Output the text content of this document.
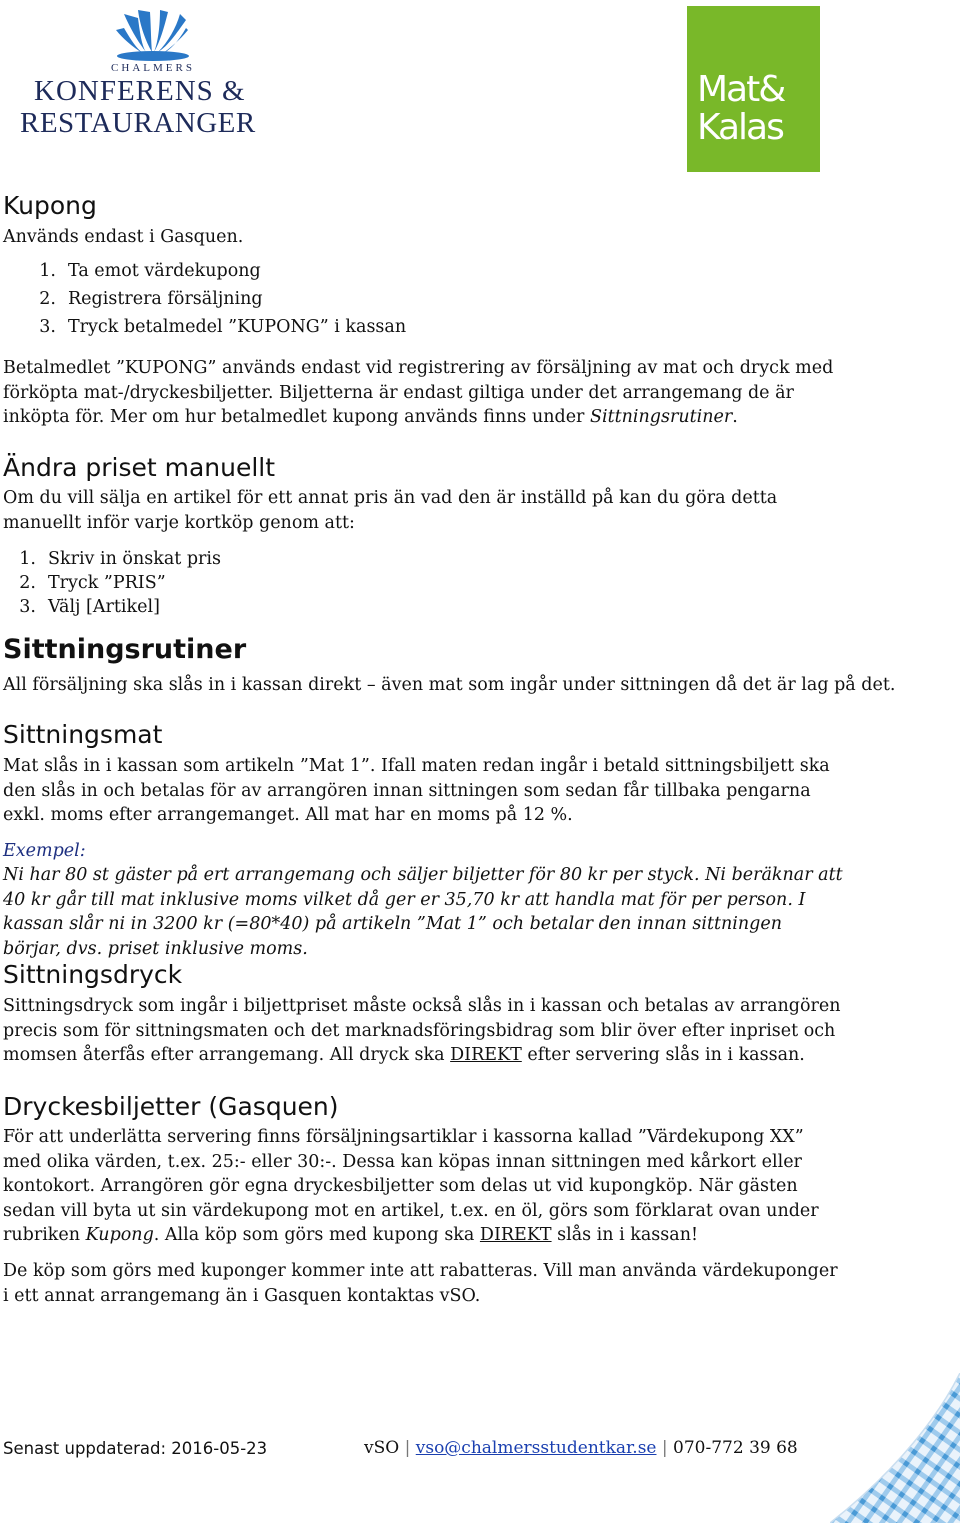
CHALMERS
KONFERENS &
RESTAURANGER
Mat&
Kalas
Kupong

Används endast i Gasquen.

1. Ta emot värdekupong
2. Registrera försäljning
3. Tryck betalmedel ”KUPONG” i kassan

Betalmedlet ”KUPONG” används endast vid registrering av försäljning av mat och dryck med förköpta mat-/dryckesbiljetter. Biljetterna är endast giltiga under det arrangemang de är inköpta för. Mer om hur betalmedlet kupong används finns under Sittningsrutiner.

Ändra priset manuellt

Om du vill sälja en artikel för ett annat pris än vad den är inställd på kan du göra detta manuellt inför varje kortköp genom att:

1. Skriv in önskat pris
2. Tryck ”PRIS”
3. Välj [Artikel]
Sittningsrutiner

All försäljning ska slås in i kassan direkt – även mat som ingår under sittningen då det är lag på det.

Sittningsmat

Mat slås in i kassan som artikeln ”Mat 1”. Ifall maten redan ingår i betald sittningsbiljett ska den slås in och betalas för av arrangören innan sittningen som sedan får tillbaka pengarna exkl. moms efter arrangemanget. All mat har en moms på 12 %.

Exempel:

Ni har 80 st gäster på ert arrangemang och säljer biljetter för 80 kr per styck. Ni beräknar att 40 kr går till mat inklusive moms vilket då ger er 35,70 kr att handla mat för per person. I kassan slår ni in 3200 kr (=80*40) på artikeln ”Mat 1” och betalar den innan sittningen börjar, dvs. priset inklusive moms.

Sittningsdryck

Sittningsdryck som ingår i biljettpriset måste också slås in i kassan och betalas av arrangören precis som för sittningsmaten och det marknadsföringsbidrag som blir över efter inpriset och momsen återfås efter arrangemang. All dryck ska DIREKT efter servering slås in i kassan.

Dryckesbiljetter (Gasquen)

För att underlätta servering finns försäljningsartiklar i kassorna kallad ”Värdekupong XX” med olika värden, t.ex. 25:- eller 30:-. Dessa kan köpas innan sittningen med kårkort eller kontokort. Arrangören gör egna dryckesbiljetter som delas ut vid kupongköp. När gästen sedan vill byta ut sin värdekupong mot en artikel, t.ex. en öl, görs som förklarat ovan under rubriken Kupong. Alla köp som görs med kupong ska DIREKT slås in i kassan!

De köp som görs med kuponger kommer inte att rabatteras. Vill man använda värdekuponger i ett annat arrangemang än i Gasquen kontaktas vSO.

Senast uppdaterad: 2016-05-23	vSO | vso@chalmersstudentkar.se | 070-772 39 68
